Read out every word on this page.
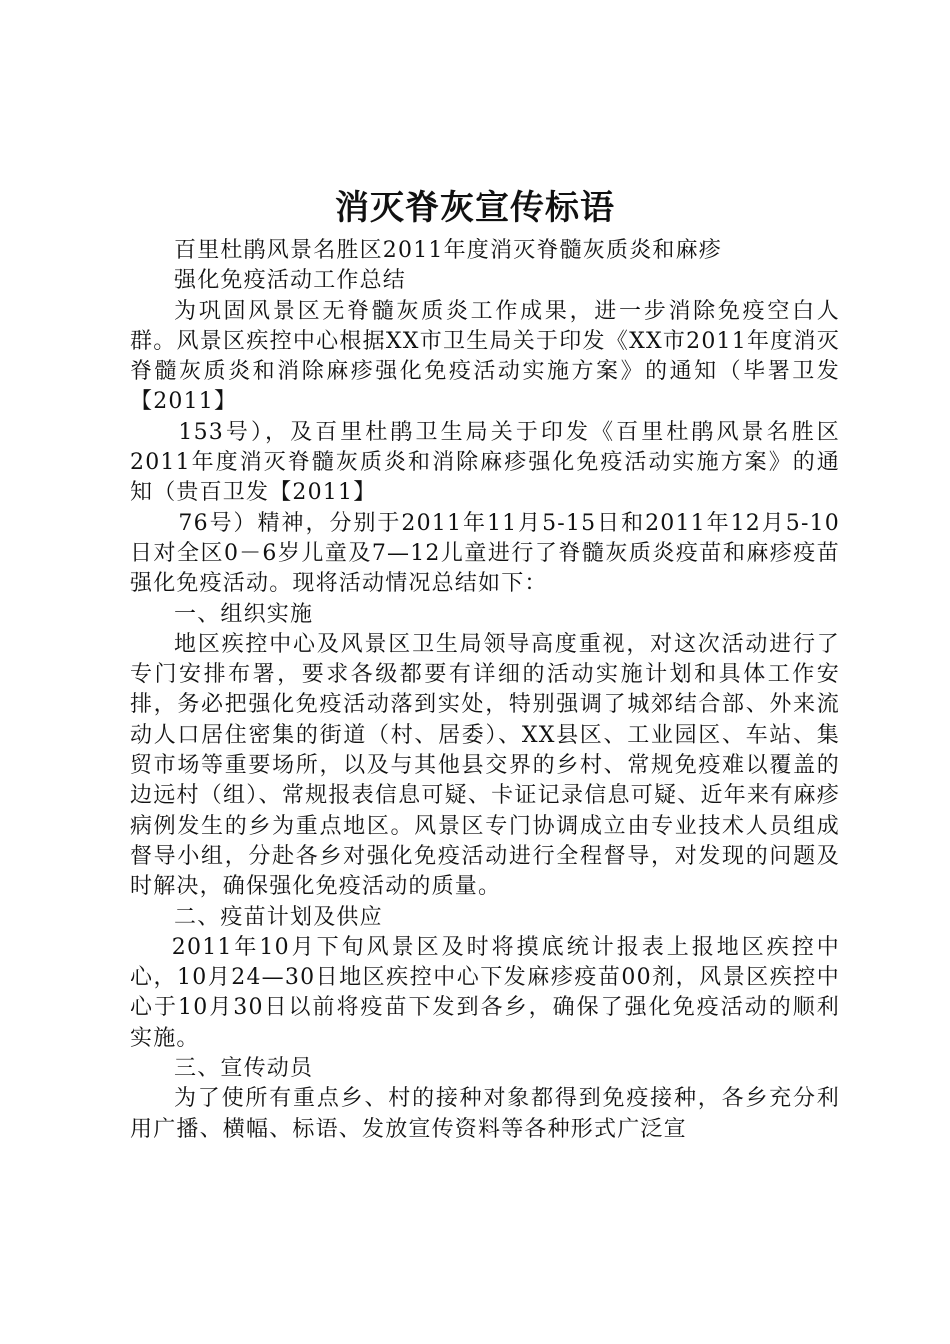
消灭脊灰宣传标语

百里杜鹃风景名胜区2011年度消灭脊髓灰质炎和麻疹

强化免疫活动工作总结

为巩固风景区无脊髓灰质炎工作成果，进一步消除免疫空白人群。风景区疾控中心根据XX市卫生局关于印发《XX市2011年度消灭脊髓灰质炎和消除麻疹强化免疫活动实施方案》的通知（毕署卫发【2011】

153号），及百里杜鹃卫生局关于印发《百里杜鹃风景名胜区2011年度消灭脊髓灰质炎和消除麻疹强化免疫活动实施方案》的通知（贵百卫发【2011】

76号）精神，分别于2011年11月5-15日和2011年12月5-10日对全区0－6岁儿童及7—12儿童进行了脊髓灰质炎疫苗和麻疹疫苗强化免疫活动。现将活动情况总结如下：

一、组织实施

地区疾控中心及风景区卫生局领导高度重视，对这次活动进行了专门安排布署，要求各级都要有详细的活动实施计划和具体工作安排，务必把强化免疫活动落到实处，特别强调了城郊结合部、外来流动人口居住密集的街道（村、居委）、XX县区、工业园区、车站、集贸市场等重要场所，以及与其他县交界的乡村、常规免疫难以覆盖的边远村（组）、常规报表信息可疑、卡证记录信息可疑、近年来有麻疹病例发生的乡为重点地区。风景区专门协调成立由专业技术人员组成督导小组，分赴各乡对强化免疫活动进行全程督导，对发现的问题及时解决，确保强化免疫活动的质量。

二、疫苗计划及供应

2011年10月下旬风景区及时将摸底统计报表上报地区疾控中心，10月24—30日地区疾控中心下发麻疹疫苗00剂，风景区疾控中心于10月30日以前将疫苗下发到各乡，确保了强化免疫活动的顺利实施。

三、宣传动员

为了使所有重点乡、村的接种对象都得到免疫接种，各乡充分利用广播、横幅、标语、发放宣传资料等各种形式广泛宣
